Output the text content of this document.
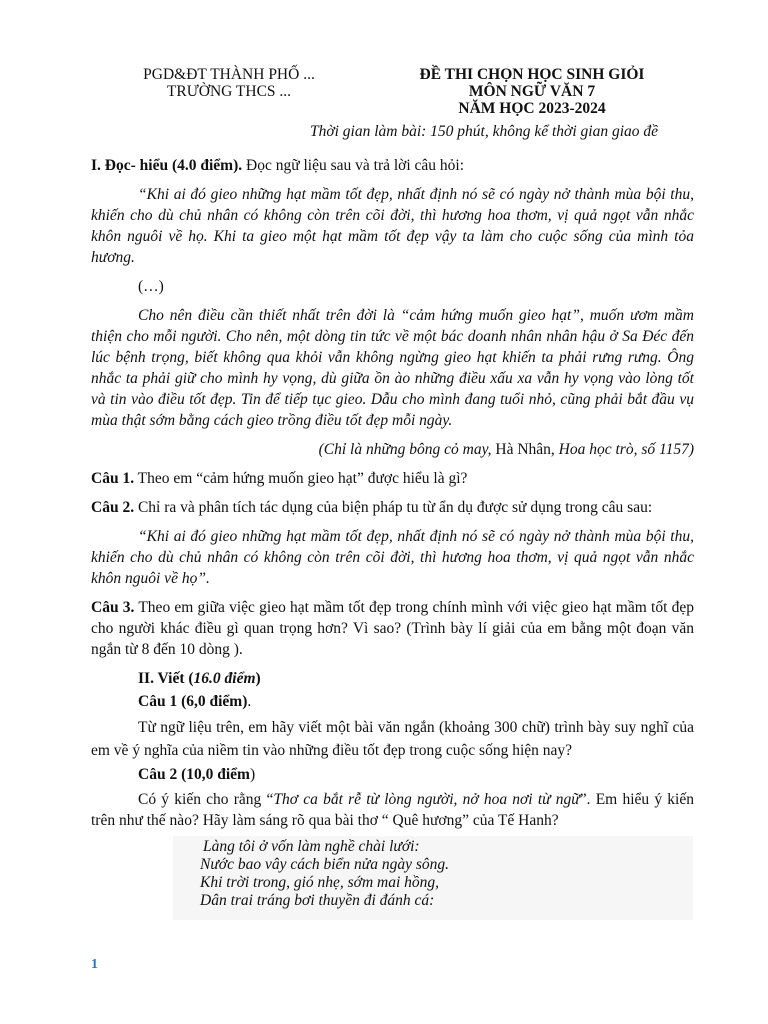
PGD&ĐT THÀNH PHỐ ...
TRƯỜNG THCS ...
ĐỀ THI CHỌN HỌC SINH GIỎI
MÔN NGỮ VĂN 7
NĂM HỌC 2023-2024
Thời gian làm bài: 150 phút, không kể thời gian giao đề

I. Đọc- hiểu (4.0 điểm). Đọc ngữ liệu sau và trả lời câu hỏi:

“Khi ai đó gieo những hạt mầm tốt đẹp, nhất định nó sẽ có ngày nở thành mùa bội thu, khiến cho dù chủ nhân có không còn trên cõi đời, thì hương hoa thơm, vị quả ngọt vẫn nhắc khôn nguôi về họ. Khi ta gieo một hạt mầm tốt đẹp vậy ta làm cho cuộc sống của mình tỏa hương.

(…)

Cho nên điều cần thiết nhất trên đời là “cảm hứng muốn gieo hạt”, muốn ươm mầm thiện cho mỗi người. Cho nên, một dòng tin tức về một bác doanh nhân nhân hậu ở Sa Đéc đến lúc bệnh trọng, biết không qua khỏi vẫn không ngừng gieo hạt khiến ta phải rưng rưng. Ông nhắc ta phải giữ cho mình hy vọng, dù giữa ồn ào những điều xấu xa vẫn hy vọng vào lòng tốt và tin vào điều tốt đẹp. Tin để tiếp tục gieo. Dẫu cho mình đang tuổi nhỏ, cũng phải bắt đầu vụ mùa thật sớm bằng cách gieo trồng điều tốt đẹp mỗi ngày.

(Chỉ là những bông cỏ may, Hà Nhân, Hoa học trò, số 1157)

Câu 1. Theo em “cảm hứng muốn gieo hạt” được hiểu là gì?

Câu 2. Chỉ ra và phân tích tác dụng của biện pháp tu từ ẩn dụ được sử dụng trong câu sau:

“Khi ai đó gieo những hạt mầm tốt đẹp, nhất định nó sẽ có ngày nở thành mùa bội thu, khiến cho dù chủ nhân có không còn trên cõi đời, thì hương hoa thơm, vị quả ngọt vẫn nhắc khôn nguôi về họ”.

Câu 3. Theo em giữa việc gieo hạt mầm tốt đẹp trong chính mình với việc gieo hạt mầm tốt đẹp cho người khác điều gì quan trọng hơn? Vì sao? (Trình bày lí giải của em bằng một đoạn văn ngắn từ 8 đến 10 dòng ).

II. Viết (16.0 điểm)

Câu 1 (6,0 điểm).

Từ ngữ liệu trên, em hãy viết một bài văn ngắn (khoảng 300 chữ) trình bày suy nghĩ của em về ý nghĩa của niềm tin vào những điều tốt đẹp trong cuộc sống hiện nay?

Câu 2 (10,0 điểm)

Có ý kiến cho rằng “Thơ ca bắt rễ từ lòng người, nở hoa nơi từ ngữ”. Em hiểu ý kiến trên như thế nào? Hãy làm sáng rõ qua bài thơ “ Quê hương” của Tế Hanh?

Làng tôi ở vốn làm nghề chài lưới:
Nước bao vây cách biển nửa ngày sông.
Khi trời trong, gió nhẹ, sớm mai hồng,
Dân trai tráng bơi thuyền đi đánh cá:
1
